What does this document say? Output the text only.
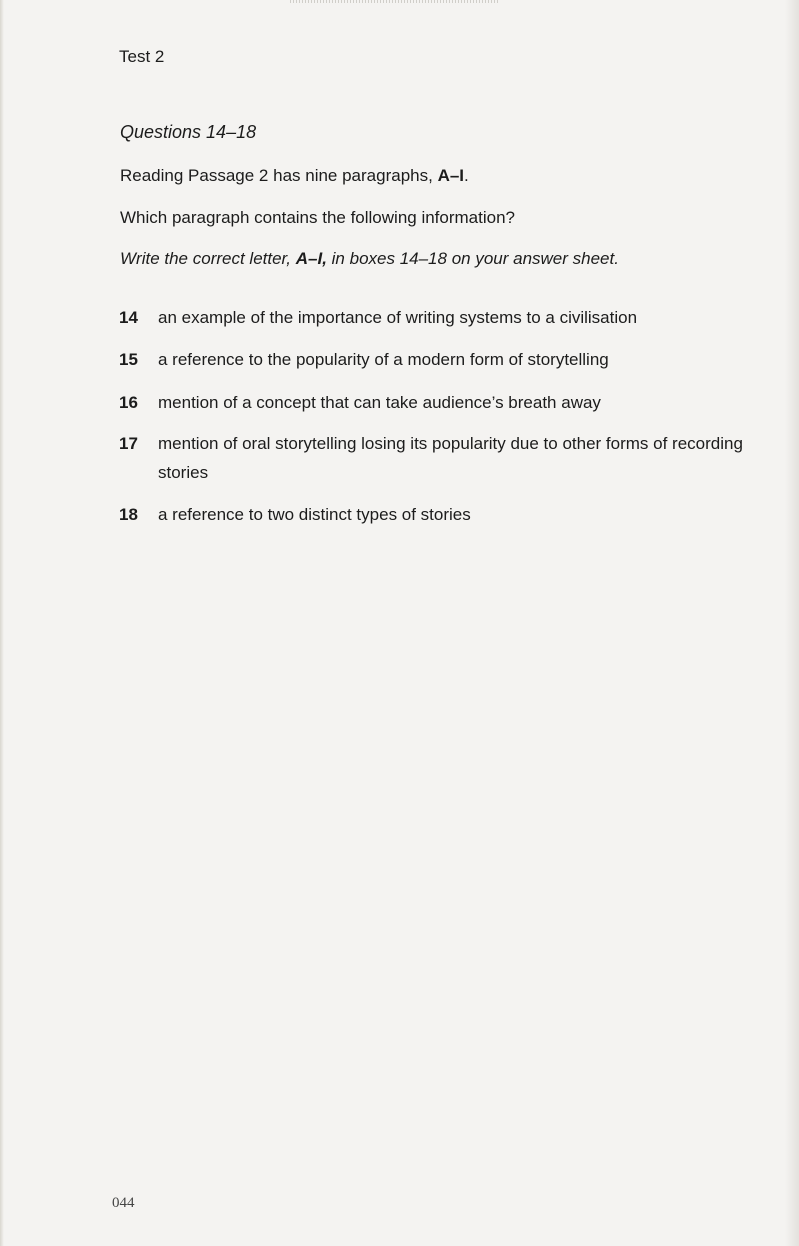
Test 2
Questions 14–18
Reading Passage 2 has nine paragraphs, A–I.
Which paragraph contains the following information?
Write the correct letter, A–I, in boxes 14–18 on your answer sheet.
14 an example of the importance of writing systems to a civilisation
15 a reference to the popularity of a modern form of storytelling
16 mention of a concept that can take audience’s breath away
17 mention of oral storytelling losing its popularity due to other forms of recording stories
18 a reference to two distinct types of stories
044
